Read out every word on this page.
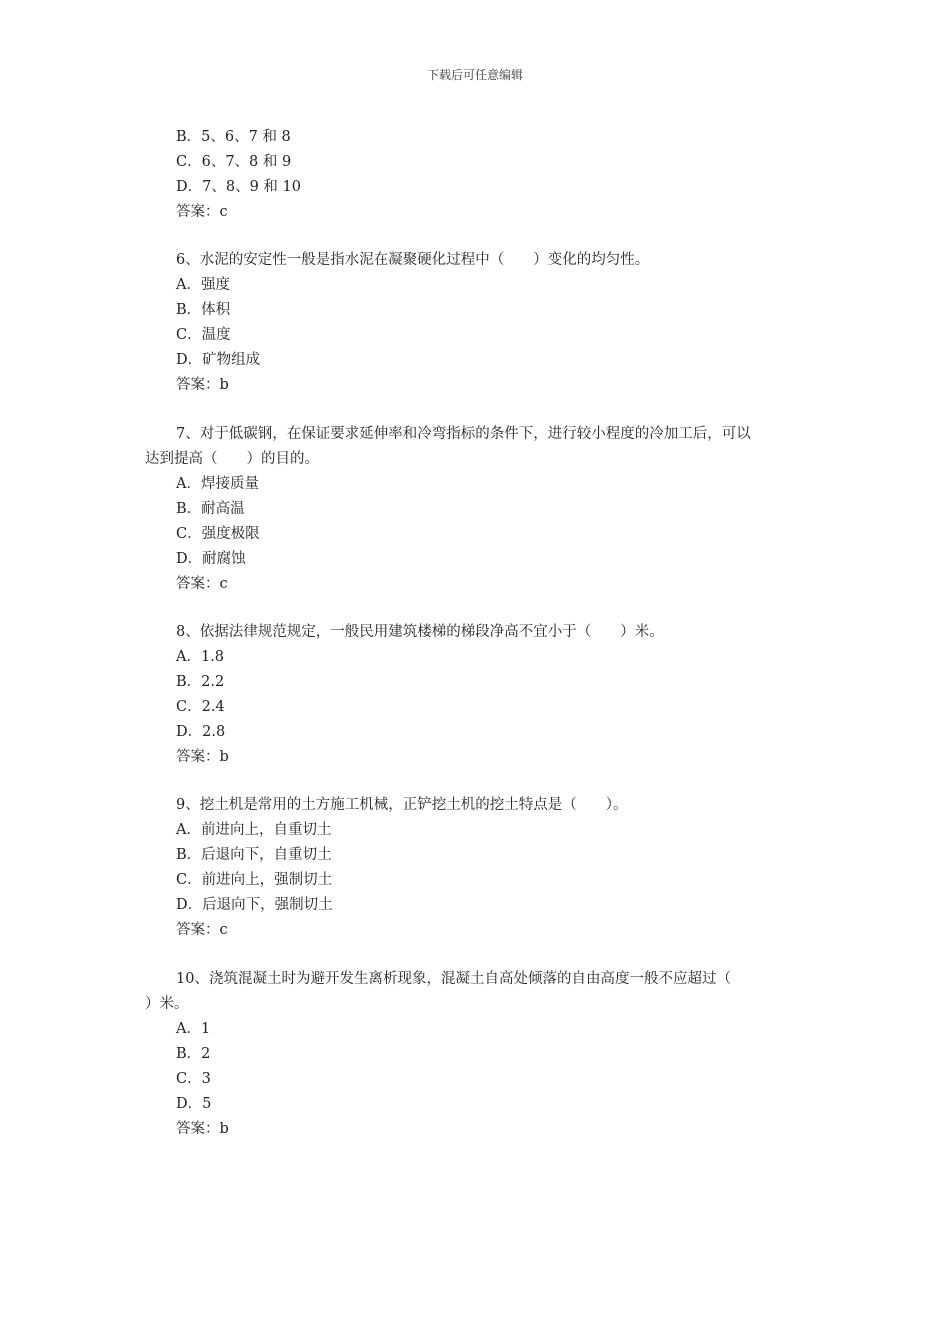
下载后可任意编辑
B．5、6、7 和 8
C．6、7、8 和 9
D．7、8、9 和 10
答案：c
6、水泥的安定性一般是指水泥在凝聚硬化过程中（　　）变化的均匀性。
A．强度
B．体积
C．温度
D．矿物组成
答案：b
7、对于低碳钢，在保证要求延伸率和冷弯指标的条件下，进行较小程度的冷加工后，可以
达到提高（　　）的目的。
A．焊接质量
B．耐高温
C．强度极限
D．耐腐蚀
答案：c
8、依据法律规范规定，一般民用建筑楼梯的梯段净高不宜小于（　　）米。
A．1.8
B．2.2
C．2.4
D．2.8
答案：b
9、挖土机是常用的土方施工机械，正铲挖土机的挖土特点是（　　）。
A．前进向上，自重切土
B．后退向下，自重切土
C．前进向上，强制切土
D．后退向下，强制切土
答案：c
10、浇筑混凝土时为避开发生离析现象，混凝土自高处倾落的自由高度一般不应超过（
）米。
A．1
B．2
C．3
D．5
答案：b
